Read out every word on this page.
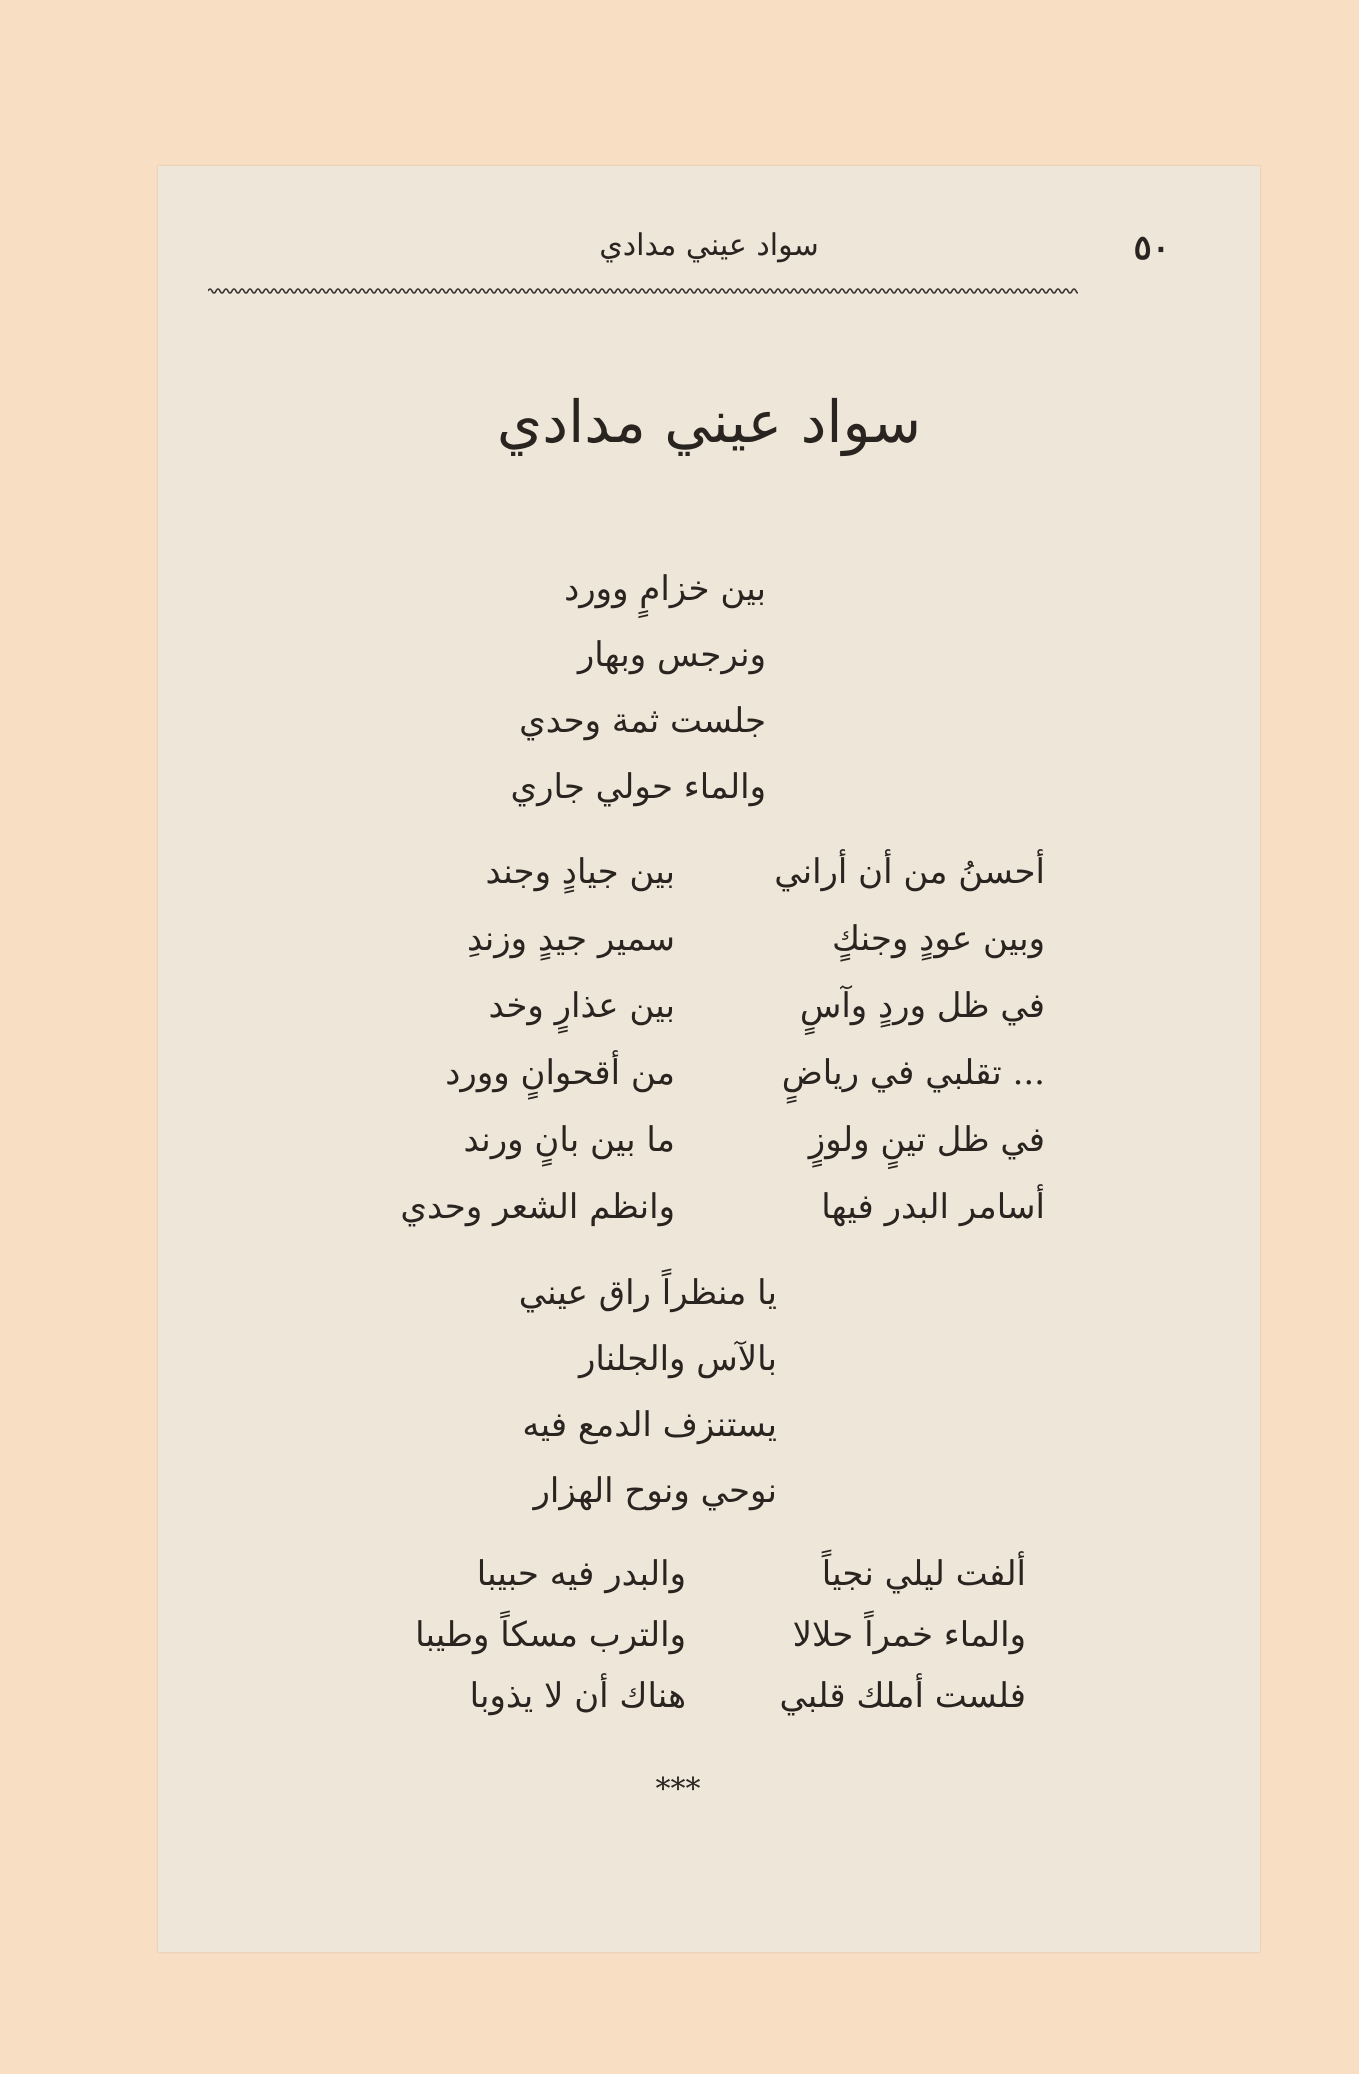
سواد عيني مدادي	٥٠
سواد عيني مدادي
بين خزامٍ وورد
ونرجس وبهار
جلست ثمة وحدي
والماء حولي جاري
أحسنُ من أن أراني
بين جيادٍ وجند
وبين عودٍ وجنكٍ
سمير جيدٍ وزندِ
في ظل وردٍ وآسٍ
بين عذارٍ وخد
... تقلبي في رياضٍ
من أقحوانٍ وورد
في ظل تينٍ ولوزٍ
ما بين بانٍ ورند
أسامر البدر فيها
وانظم الشعر وحدي
يا منظراً راق عيني
بالآس والجلنار
يستنزف الدمع فيه
نوحي ونوح الهزار
ألفت ليلي نجياً
والبدر فيه حبيبا
والماء خمراً حلالا
والترب مسكاً وطيبا
فلست أملك قلبي
هناك أن لا يذوبا
***
